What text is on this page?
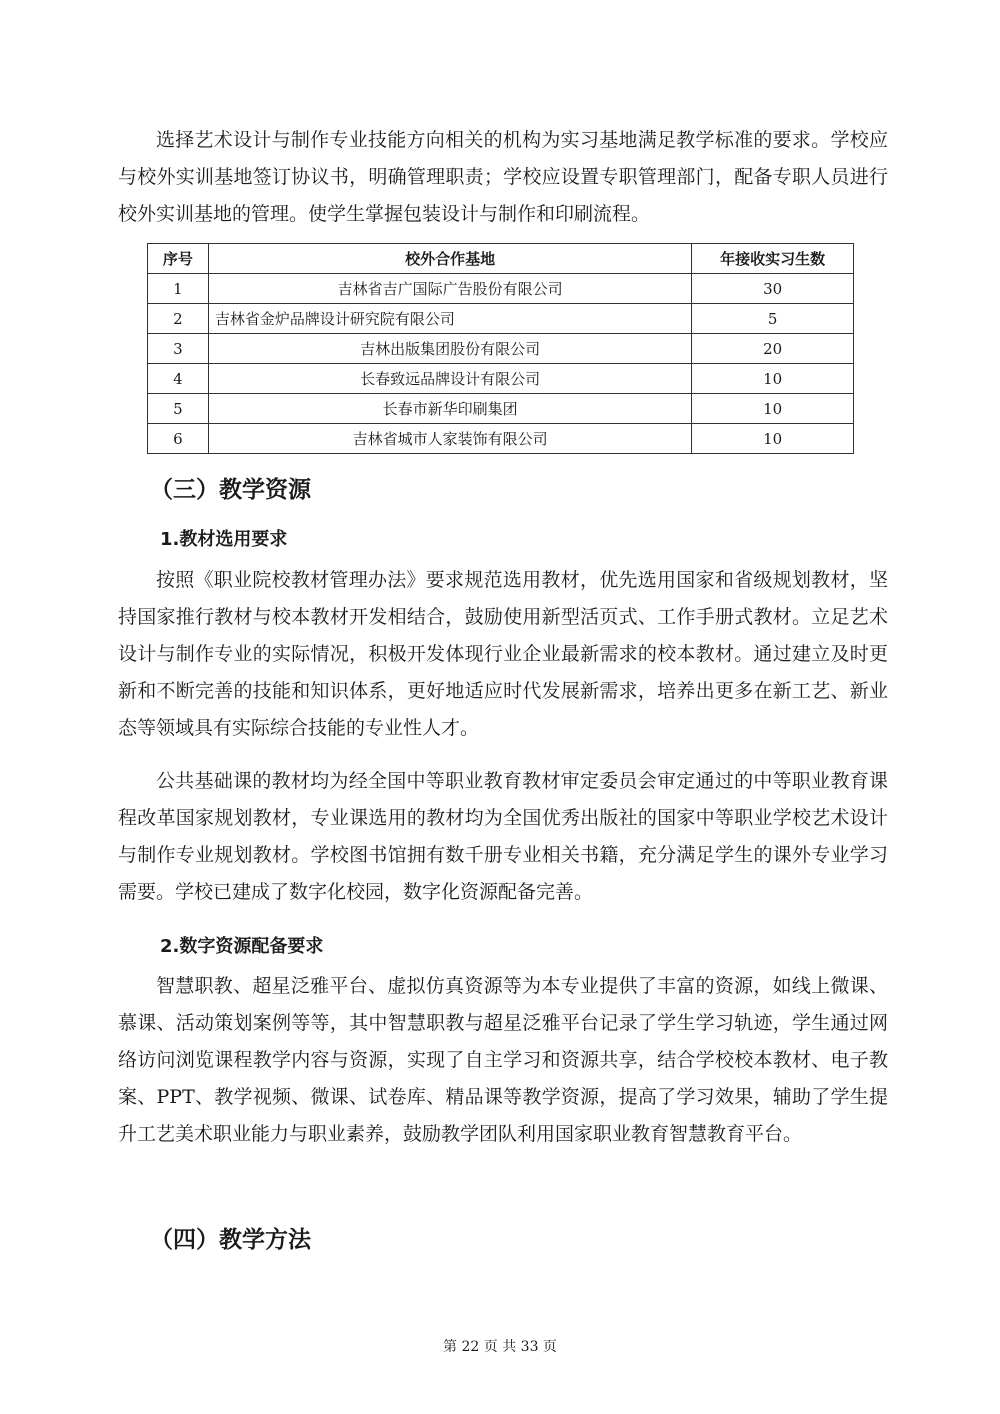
选择艺术设计与制作专业技能方向相关的机构为实习基地满足教学标准的要求。学校应与校外实训基地签订协议书，明确管理职责；学校应设置专职管理部门，配备专职人员进行校外实训基地的管理。使学生掌握包装设计与制作和印刷流程。

序号	校外合作基地	年接收实习生数
1	吉林省吉广国际广告股份有限公司	30
2	吉林省金炉品牌设计研究院有限公司	5
3	吉林出版集团股份有限公司	20
4	长春致远品牌设计有限公司	10
5	长春市新华印刷集团	10
6	吉林省城市人家装饰有限公司	10
（三）教学资源
1.教材选用要求

按照《职业院校教材管理办法》要求规范选用教材，优先选用国家和省级规划教材，坚持国家推行教材与校本教材开发相结合，鼓励使用新型活页式、工作手册式教材。立足艺术设计与制作专业的实际情况，积极开发体现行业企业最新需求的校本教材。通过建立及时更新和不断完善的技能和知识体系，更好地适应时代发展新需求，培养出更多在新工艺、新业态等领域具有实际综合技能的专业性人才。

公共基础课的教材均为经全国中等职业教育教材审定委员会审定通过的中等职业教育课程改革国家规划教材，专业课选用的教材均为全国优秀出版社的国家中等职业学校艺术设计与制作专业规划教材。学校图书馆拥有数千册专业相关书籍，充分满足学生的课外专业学习需要。学校已建成了数字化校园，数字化资源配备完善。

2.数字资源配备要求

智慧职教、超星泛雅平台、虚拟仿真资源等为本专业提供了丰富的资源，如线上微课、慕课、活动策划案例等等，其中智慧职教与超星泛雅平台记录了学生学习轨迹，学生通过网络访问浏览课程教学内容与资源，实现了自主学习和资源共享，结合学校校本教材、电子教案、PPT、教学视频、微课、试卷库、精品课等教学资源，提高了学习效果，辅助了学生提升工艺美术职业能力与职业素养，鼓励教学团队利用国家职业教育智慧教育平台。

（四）教学方法
第 22 页 共 33 页
